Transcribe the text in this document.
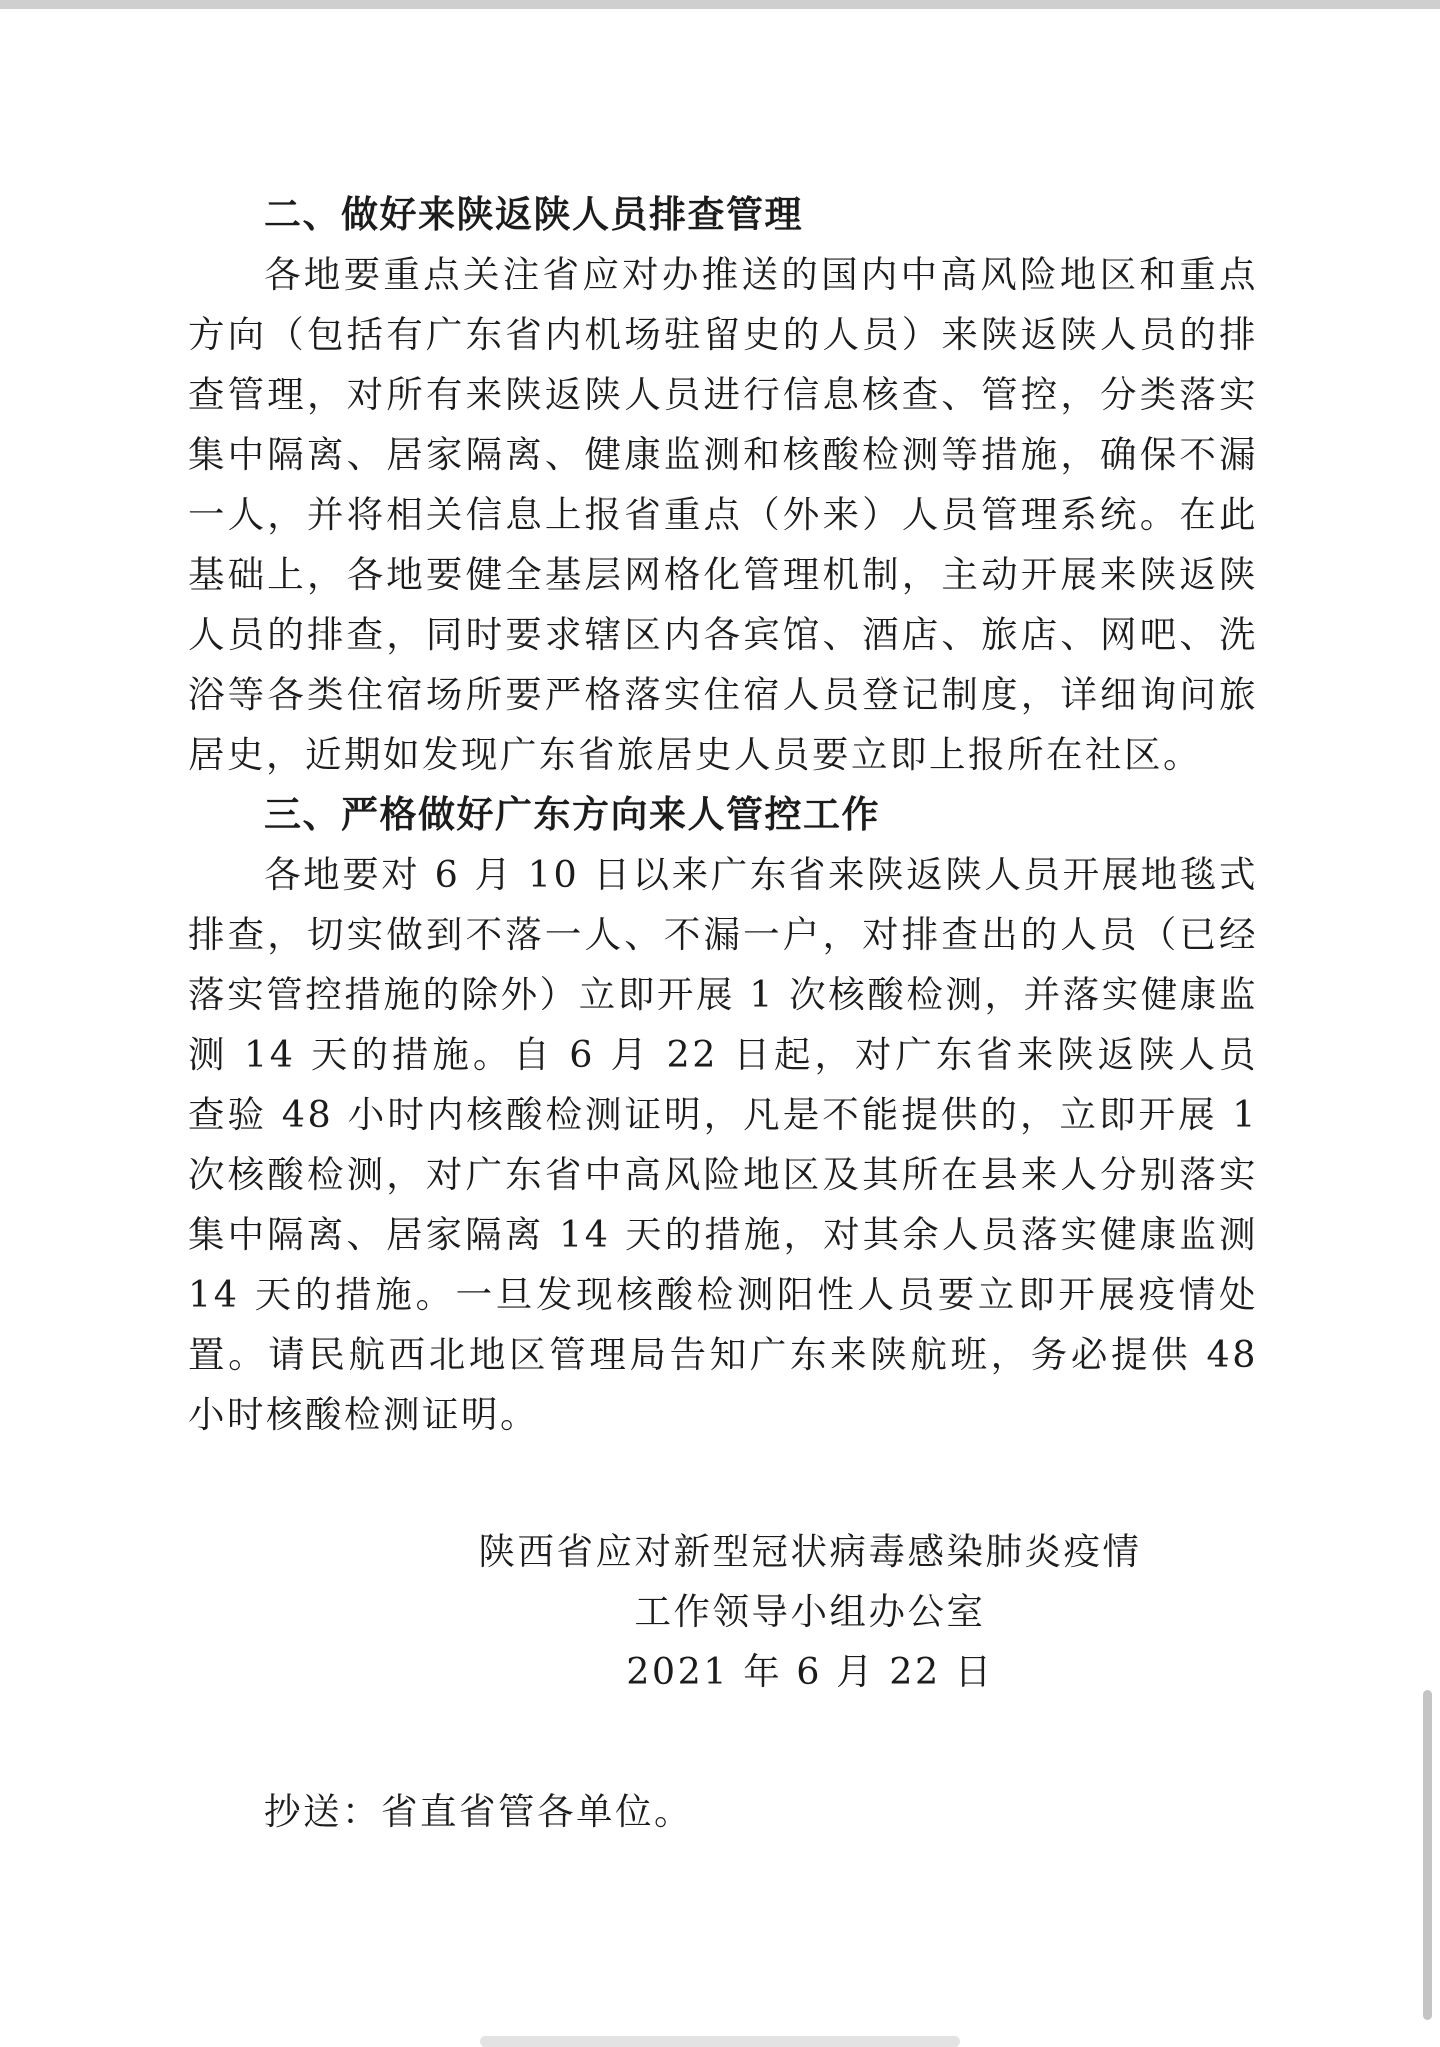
二、做好来陕返陕人员排查管理

各地要重点关注省应对办推送的国内中高风险地区和重点方向（包括有广东省内机场驻留史的人员）来陕返陕人员的排查管理，对所有来陕返陕人员进行信息核查、管控，分类落实集中隔离、居家隔离、健康监测和核酸检测等措施，确保不漏一人，并将相关信息上报省重点（外来）人员管理系统。在此基础上，各地要健全基层网格化管理机制，主动开展来陕返陕人员的排查，同时要求辖区内各宾馆、酒店、旅店、网吧、洗浴等各类住宿场所要严格落实住宿人员登记制度，详细询问旅居史，近期如发现广东省旅居史人员要立即上报所在社区。

三、严格做好广东方向来人管控工作

各地要对 6 月 10 日以来广东省来陕返陕人员开展地毯式排查，切实做到不落一人、不漏一户，对排查出的人员（已经落实管控措施的除外）立即开展 1 次核酸检测，并落实健康监测 14 天的措施。自 6 月 22 日起，对广东省来陕返陕人员查验 48 小时内核酸检测证明，凡是不能提供的，立即开展 1 次核酸检测，对广东省中高风险地区及其所在县来人分别落实集中隔离、居家隔离 14 天的措施，对其余人员落实健康监测 14 天的措施。一旦发现核酸检测阳性人员要立即开展疫情处置。请民航西北地区管理局告知广东来陕航班，务必提供 48 小时核酸检测证明。

陕西省应对新型冠状病毒感染肺炎疫情
工作领导小组办公室
2021 年 6 月 22 日
抄送：省直省管各单位。
